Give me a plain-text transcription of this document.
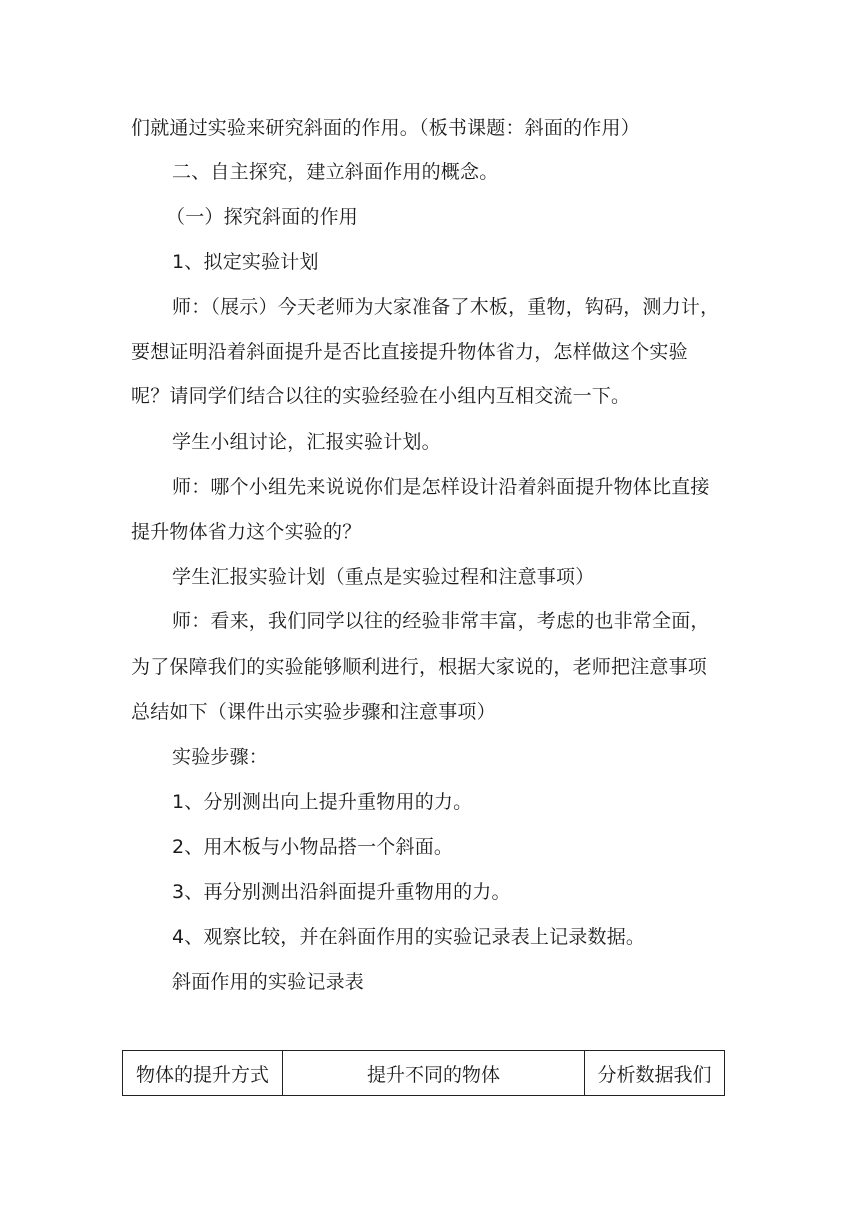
们就通过实验来研究斜面的作用。（板书课题：斜面的作用）
二、自主探究，建立斜面作用的概念。
（一）探究斜面的作用
1、拟定实验计划
师：（展示）今天老师为大家准备了木板，重物，钩码，测力计，
要想证明沿着斜面提升是否比直接提升物体省力，怎样做这个实验
呢？请同学们结合以往的实验经验在小组内互相交流一下。
学生小组讨论，汇报实验计划。
师：哪个小组先来说说你们是怎样设计沿着斜面提升物体比直接
提升物体省力这个实验的？
学生汇报实验计划（重点是实验过程和注意事项）
师：看来，我们同学以往的经验非常丰富，考虑的也非常全面，
为了保障我们的实验能够顺利进行，根据大家说的，老师把注意事项
总结如下（课件出示实验步骤和注意事项）
实验步骤：
1、分别测出向上提升重物用的力。
2、用木板与小物品搭一个斜面。
3、再分别测出沿斜面提升重物用的力。
4、观察比较，并在斜面作用的实验记录表上记录数据。
斜面作用的实验记录表
物体的提升方式	提升不同的物体	分析数据我们
